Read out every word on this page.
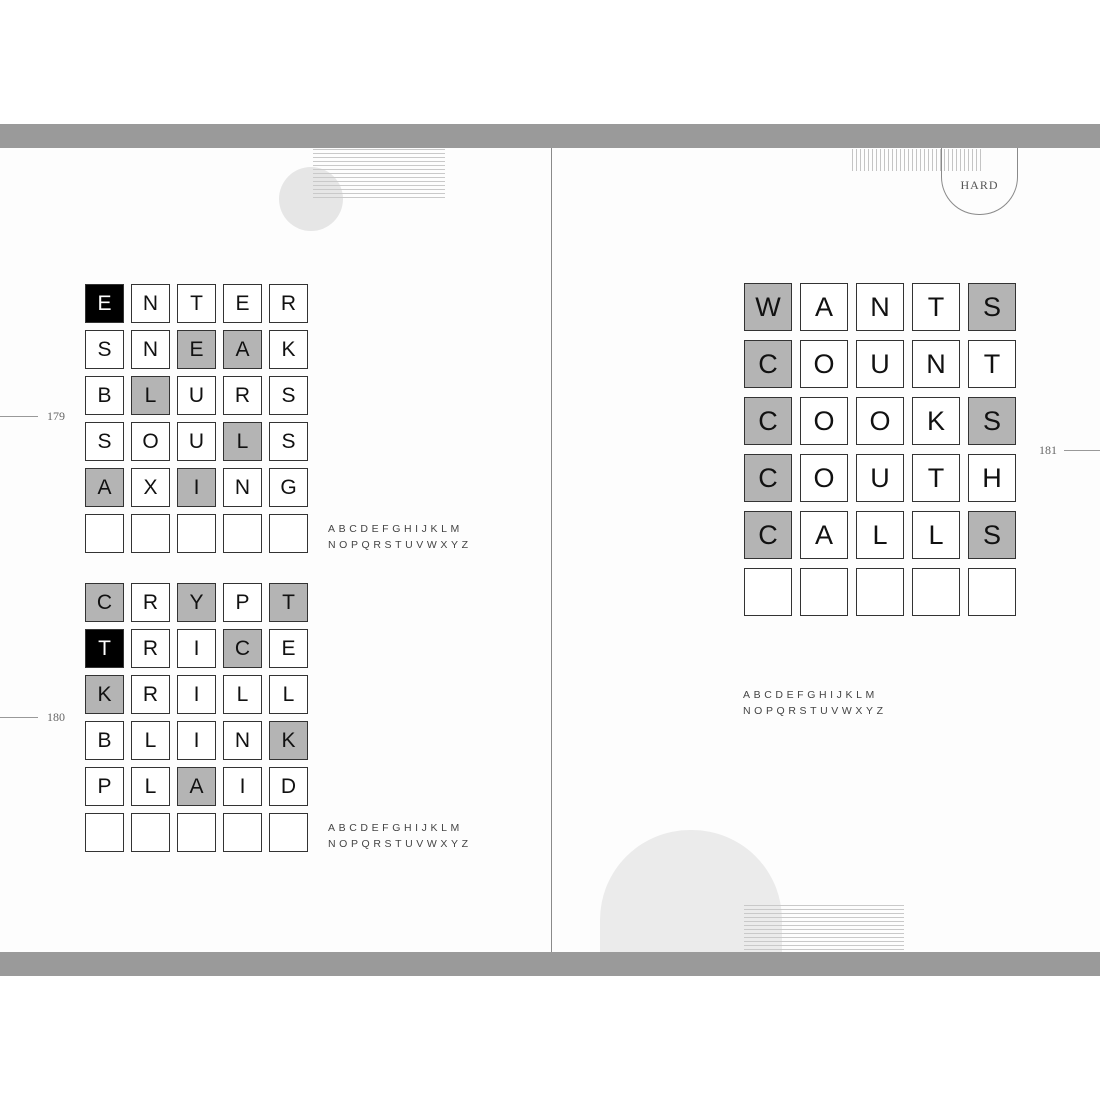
HARD
179
180
181
E	N	T	E	R
S	N	E	A	K
B	L	U	R	S
S	O	U	L	S
A	X	I	N	G
C	R	Y	P	T
T	R	I	C	E
K	R	I	L	L
B	L	I	N	K
P	L	A	I	D
W	A	N	T	S
C	O	U	N	T
C	O	O	K	S
C	O	U	T	H
C	A	L	L	S
ABCDEFGHIJKLM
NOPQRSTUVWXYZ
ABCDEFGHIJKLM
NOPQRSTUVWXYZ
ABCDEFGHIJKLM
NOPQRSTUVWXYZ
